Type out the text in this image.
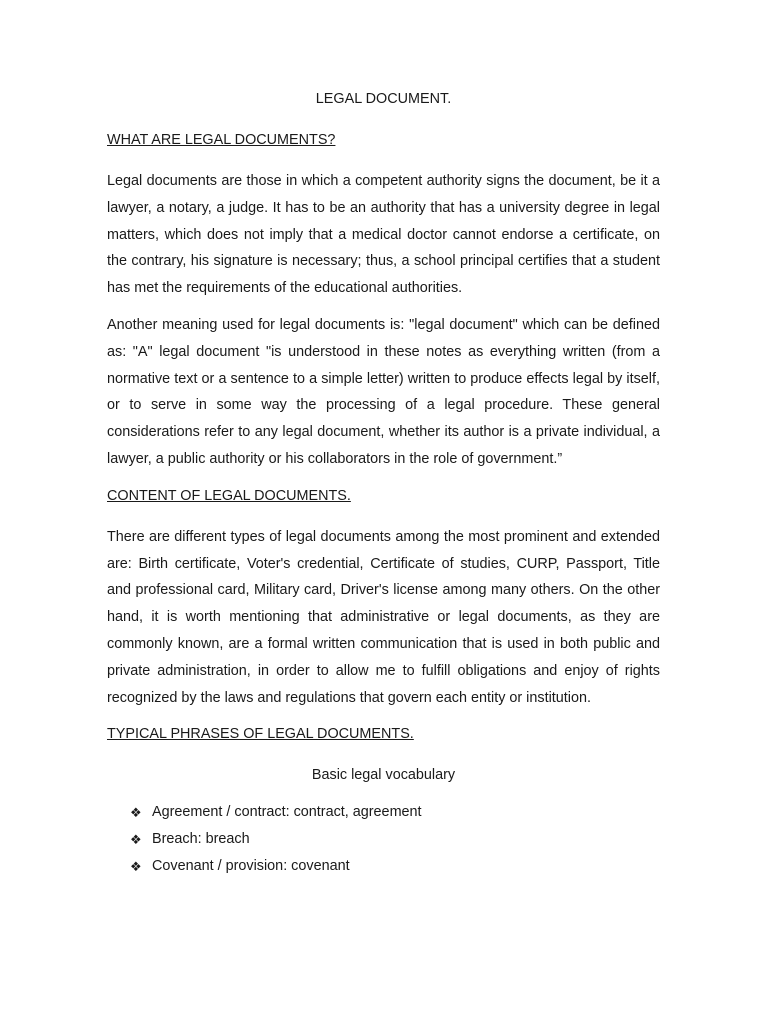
LEGAL DOCUMENT.

WHAT ARE LEGAL DOCUMENTS?

Legal documents are those in which a competent authority signs the document, be it a lawyer, a notary, a judge. It has to be an authority that has a university degree in legal matters, which does not imply that a medical doctor cannot endorse a certificate, on the contrary, his signature is necessary; thus, a school principal certifies that a student has met the requirements of the educational authorities.

Another meaning used for legal documents is: "legal document" which can be defined as: "A" legal document "is understood in these notes as everything written (from a normative text or a sentence to a simple letter) written to produce effects legal by itself, or to serve in some way the processing of a legal procedure. These general considerations refer to any legal document, whether its author is a private individual, a lawyer, a public authority or his collaborators in the role of government.”

CONTENT OF LEGAL DOCUMENTS.

There are different types of legal documents among the most prominent and extended are: Birth certificate, Voter's credential, Certificate of studies, CURP, Passport, Title and professional card, Military card, Driver's license among many others. On the other hand, it is worth mentioning that administrative or legal documents, as they are commonly known, are a formal written communication that is used in both public and private administration, in order to allow me to fulfill obligations and enjoy of rights recognized by the laws and regulations that govern each entity or institution.

TYPICAL PHRASES OF LEGAL DOCUMENTS.

Basic legal vocabulary

❖ Agreement / contract: contract, agreement
❖ Breach: breach
❖ Covenant / provision: covenant
